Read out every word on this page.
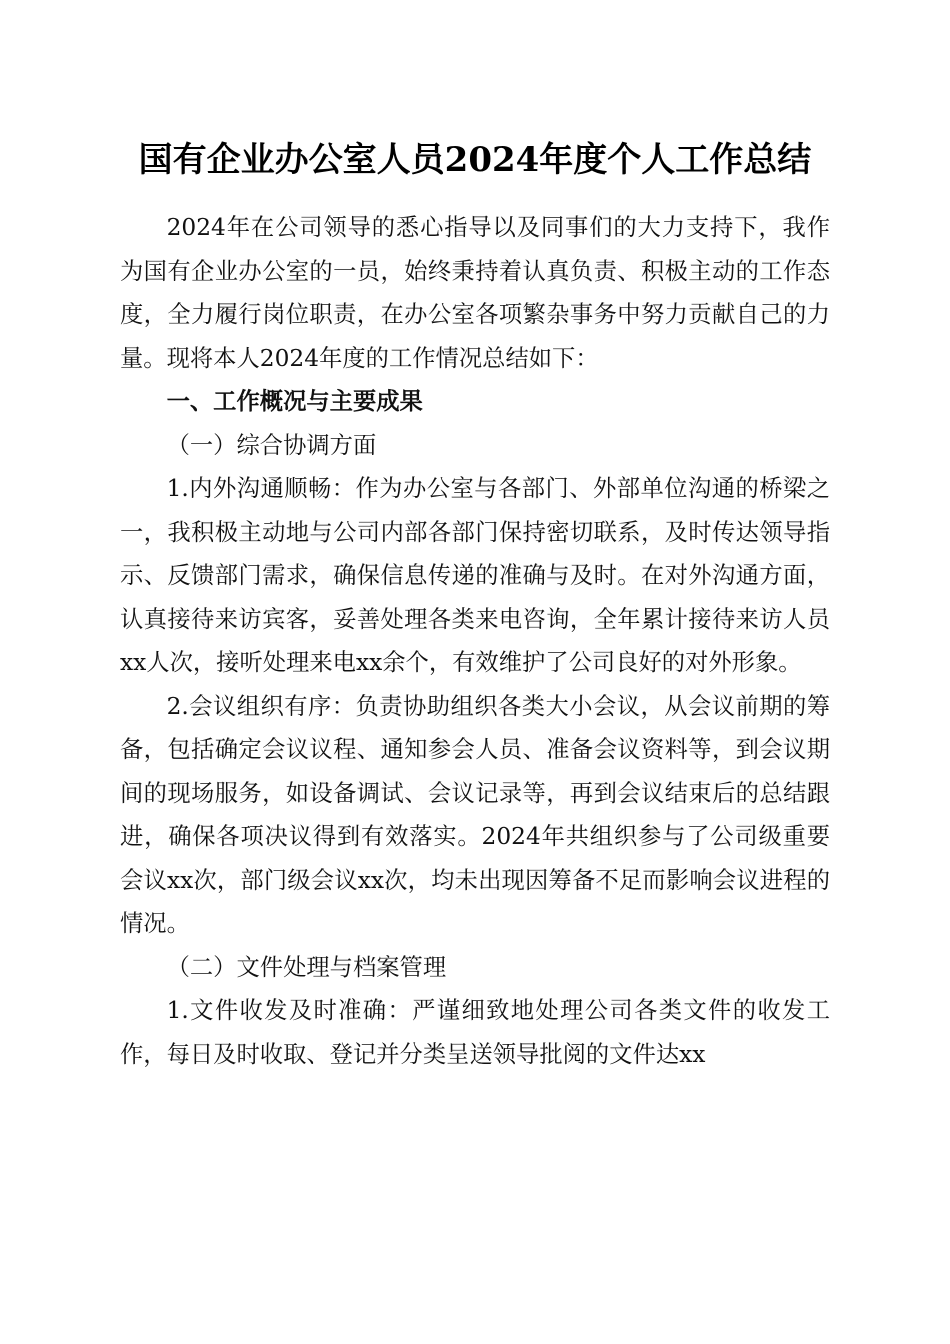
国有企业办公室人员2024年度个人工作总结

2024年在公司领导的悉心指导以及同事们的大力支持下，我作为国有企业办公室的一员，始终秉持着认真负责、积极主动的工作态度，全力履行岗位职责，在办公室各项繁杂事务中努力贡献自己的力量。现将本人2024年度的工作情况总结如下：

一、工作概况与主要成果

（一）综合协调方面

1.内外沟通顺畅：作为办公室与各部门、外部单位沟通的桥梁之一，我积极主动地与公司内部各部门保持密切联系，及时传达领导指示、反馈部门需求，确保信息传递的准确与及时。在对外沟通方面，认真接待来访宾客，妥善处理各类来电咨询，全年累计接待来访人员xx人次，接听处理来电xx余个，有效维护了公司良好的对外形象。

2.会议组织有序：负责协助组织各类大小会议，从会议前期的筹备，包括确定会议议程、通知参会人员、准备会议资料等，到会议期间的现场服务，如设备调试、会议记录等，再到会议结束后的总结跟进，确保各项决议得到有效落实。2024年共组织参与了公司级重要会议xx次，部门级会议xx次，均未出现因筹备不足而影响会议进程的情况。

（二）文件处理与档案管理

1.文件收发及时准确：严谨细致地处理公司各类文件的收发工作，每日及时收取、登记并分类呈送领导批阅的文件达xx
